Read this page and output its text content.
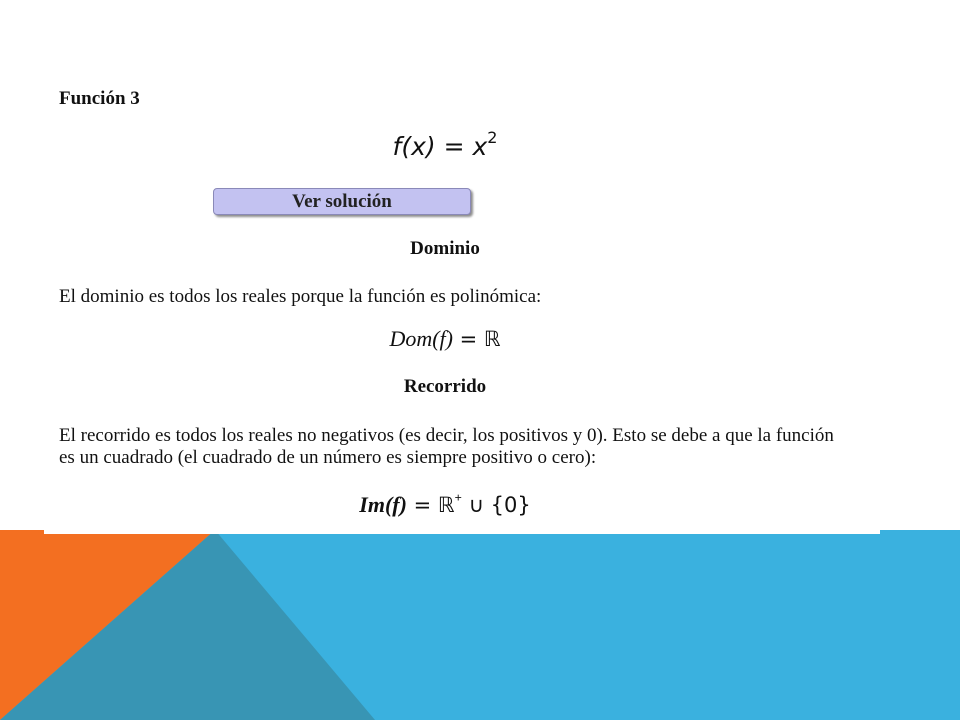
Función 3
$f(x) = x^2$
Ver solución
Dominio

El dominio es todos los reales porque la función es polinómica:

Dom(f) = ℝ
Recorrido

El recorrido es todos los reales no negativos (es decir, los positivos y 0). Esto se debe a que la función es un cuadrado (el cuadrado de un número es siempre positivo o cero):

Im(f) = ℝ+ ∪ {0}
